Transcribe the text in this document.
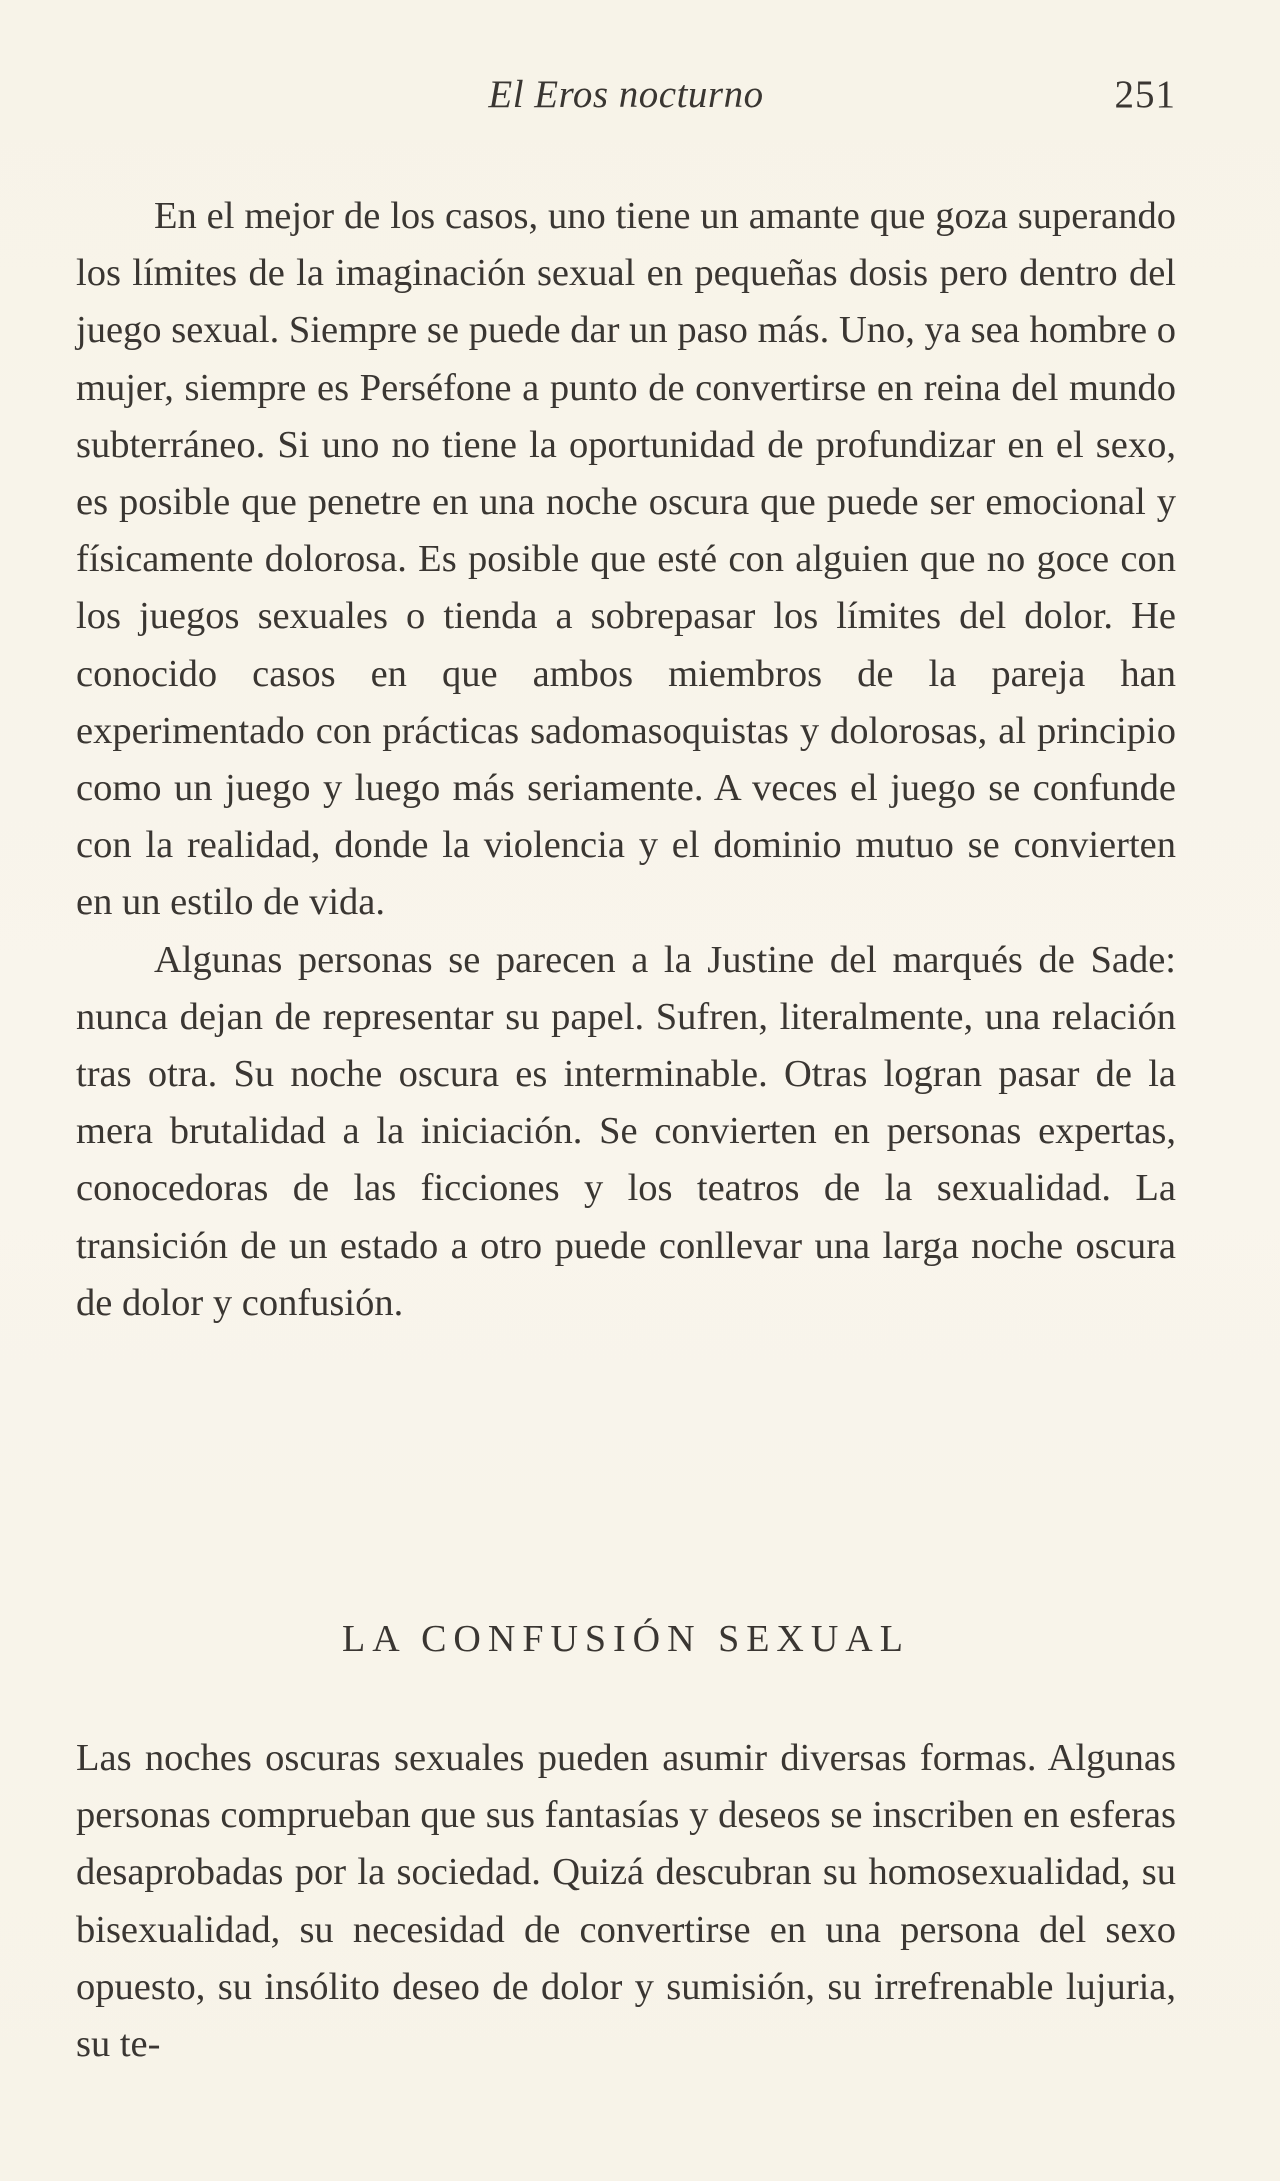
El Eros nocturno	251

En el mejor de los casos, uno tiene un amante que goza superando los límites de la imaginación sexual en pequeñas dosis pero dentro del juego sexual. Siempre se puede dar un paso más. Uno, ya sea hombre o mujer, siempre es Perséfone a punto de convertirse en reina del mundo subterráneo. Si uno no tiene la oportunidad de profundizar en el sexo, es posible que penetre en una noche oscura que puede ser emocional y físicamente dolorosa. Es posible que esté con alguien que no goce con los juegos sexuales o tienda a sobrepasar los límites del dolor. He conocido casos en que ambos miembros de la pareja han experimentado con prácticas sadomasoquistas y dolorosas, al principio como un juego y luego más seriamente. A veces el juego se confunde con la realidad, donde la violencia y el dominio mutuo se convierten en un estilo de vida.

Algunas personas se parecen a la Justine del marqués de Sade: nunca dejan de representar su papel. Sufren, literalmente, una relación tras otra. Su noche oscura es interminable. Otras logran pasar de la mera brutalidad a la iniciación. Se convierten en personas expertas, conocedoras de las ficciones y los teatros de la sexualidad. La transición de un estado a otro puede conllevar una larga noche oscura de dolor y confusión.

LA CONFUSIÓN SEXUAL

Las noches oscuras sexuales pueden asumir diversas formas. Algunas personas comprueban que sus fantasías y deseos se inscriben en esferas desaprobadas por la sociedad. Quizá descubran su homosexualidad, su bisexualidad, su necesidad de convertirse en una persona del sexo opuesto, su insólito deseo de dolor y sumisión, su irrefrenable lujuria, su te-
